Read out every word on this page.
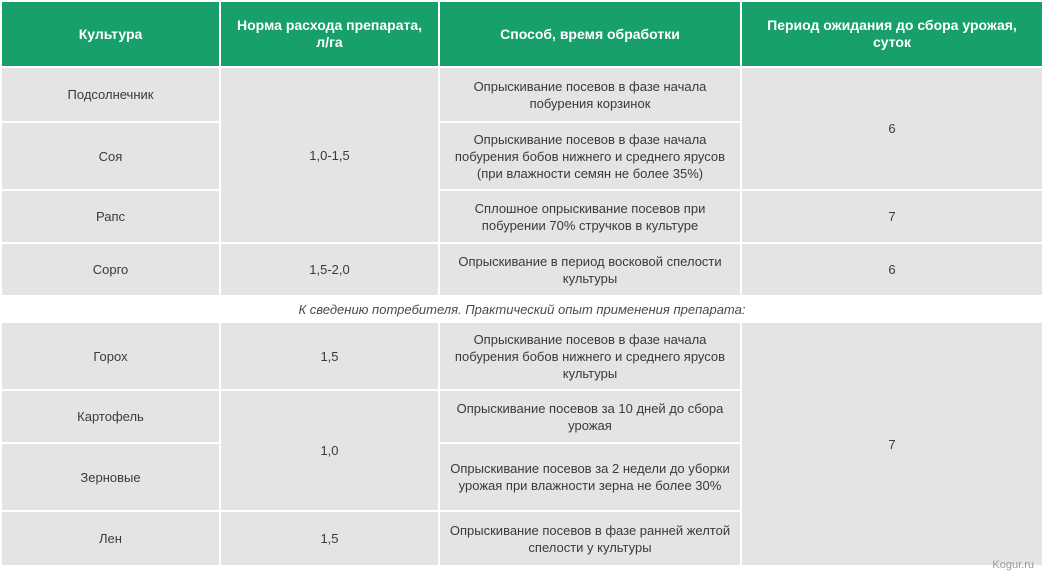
Культура	Норма расхода препарата, л/га	Способ, время обработки	Период ожидания до сбора урожая, суток
Подсолнечник	1,0-1,5	Опрыскивание посевов в фазе начала побурения корзинок	6
Соя		Опрыскивание посевов в фазе начала побурения бобов нижнего и среднего ярусов (при влажности семян не более 35%)	
Рапс		Сплошное опрыскивание посевов при побурении 70% стручков в культуре	7
Сорго	1,5-2,0	Опрыскивание в период восковой спелости культуры	6
К сведению потребителя. Практический опыт применения препарата:			
Горох	1,5	Опрыскивание посевов в фазе начала побурения бобов нижнего и среднего ярусов культуры	7
Картофель	1,0	Опрыскивание посевов за 10 дней до сбора урожая	
Зерновые		Опрыскивание посевов за 2 недели до уборки урожая при влажности зерна не более 30%	
Лен	1,5	Опрыскивание посевов в фазе ранней желтой спелости у культуры	
Kogur.ru
